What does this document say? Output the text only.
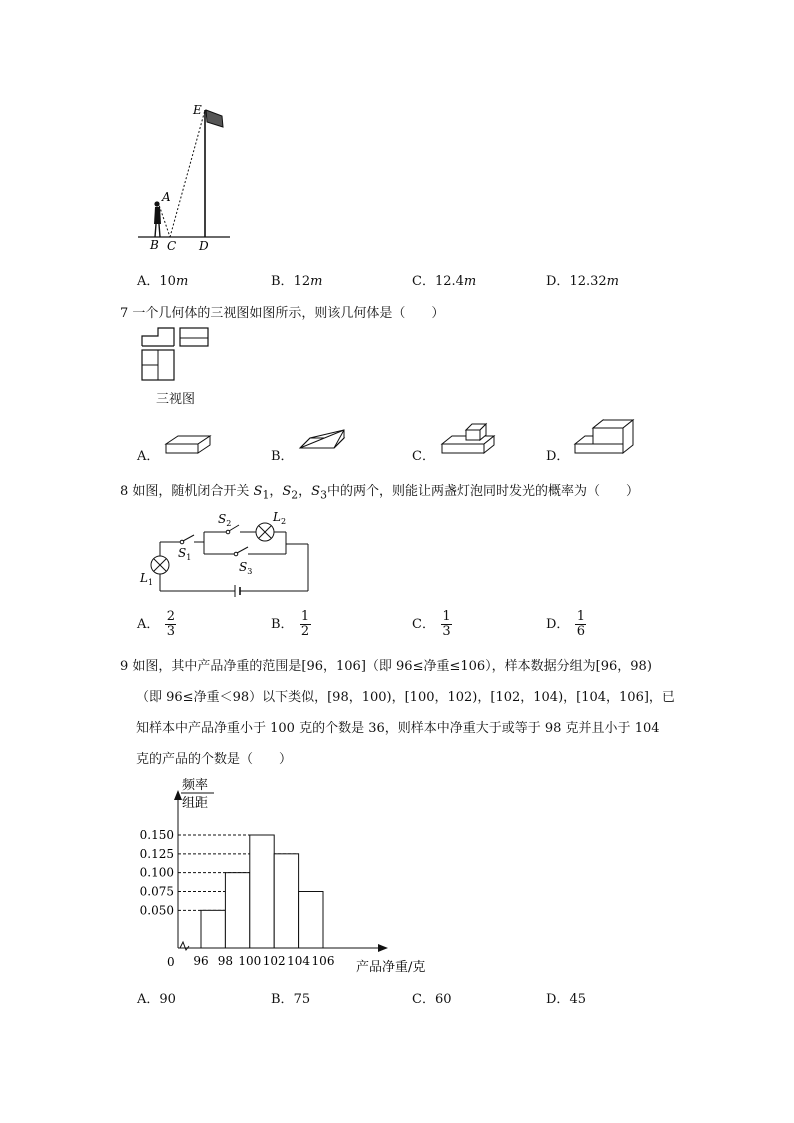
E
A
B C D
A．10m	B．12m	C．12.4m	D．12.32m
7 一个几何体的三视图如图所示，则该几何体是（　　）
三视图
A．	B．	C．	D．
8 如图，随机闭合开关 $S_1$，$S_2$，$S_3$中的两个，则能让两盏灯泡同时发光的概率为（　　）
$S_2$	$L_2$
$S_1$
$S_3$
$L_1$
A． $\frac{2}{3}$	B． $\frac{1}{2}$	C． $\frac{1}{3}$	D． $\frac{1}{6}$
9 如图，其中产品净重的范围是[96，106]（即 96≤净重≤106），样本数据分组为[96，98)
（即 96≤净重＜98）以下类似，[98，100)，[100，102)，[102，104)，[104，106]，已
知样本中产品净重小于 100 克的个数是 36，则样本中净重大于或等于 98 克并且小于 104
克的产品的个数是（　　）
频率
组距
0	产品净重/克
0.150
0.125
0.100
0.075
0.050
96 98 100 102 104 106
A．90	B．75	C．60	D．45
